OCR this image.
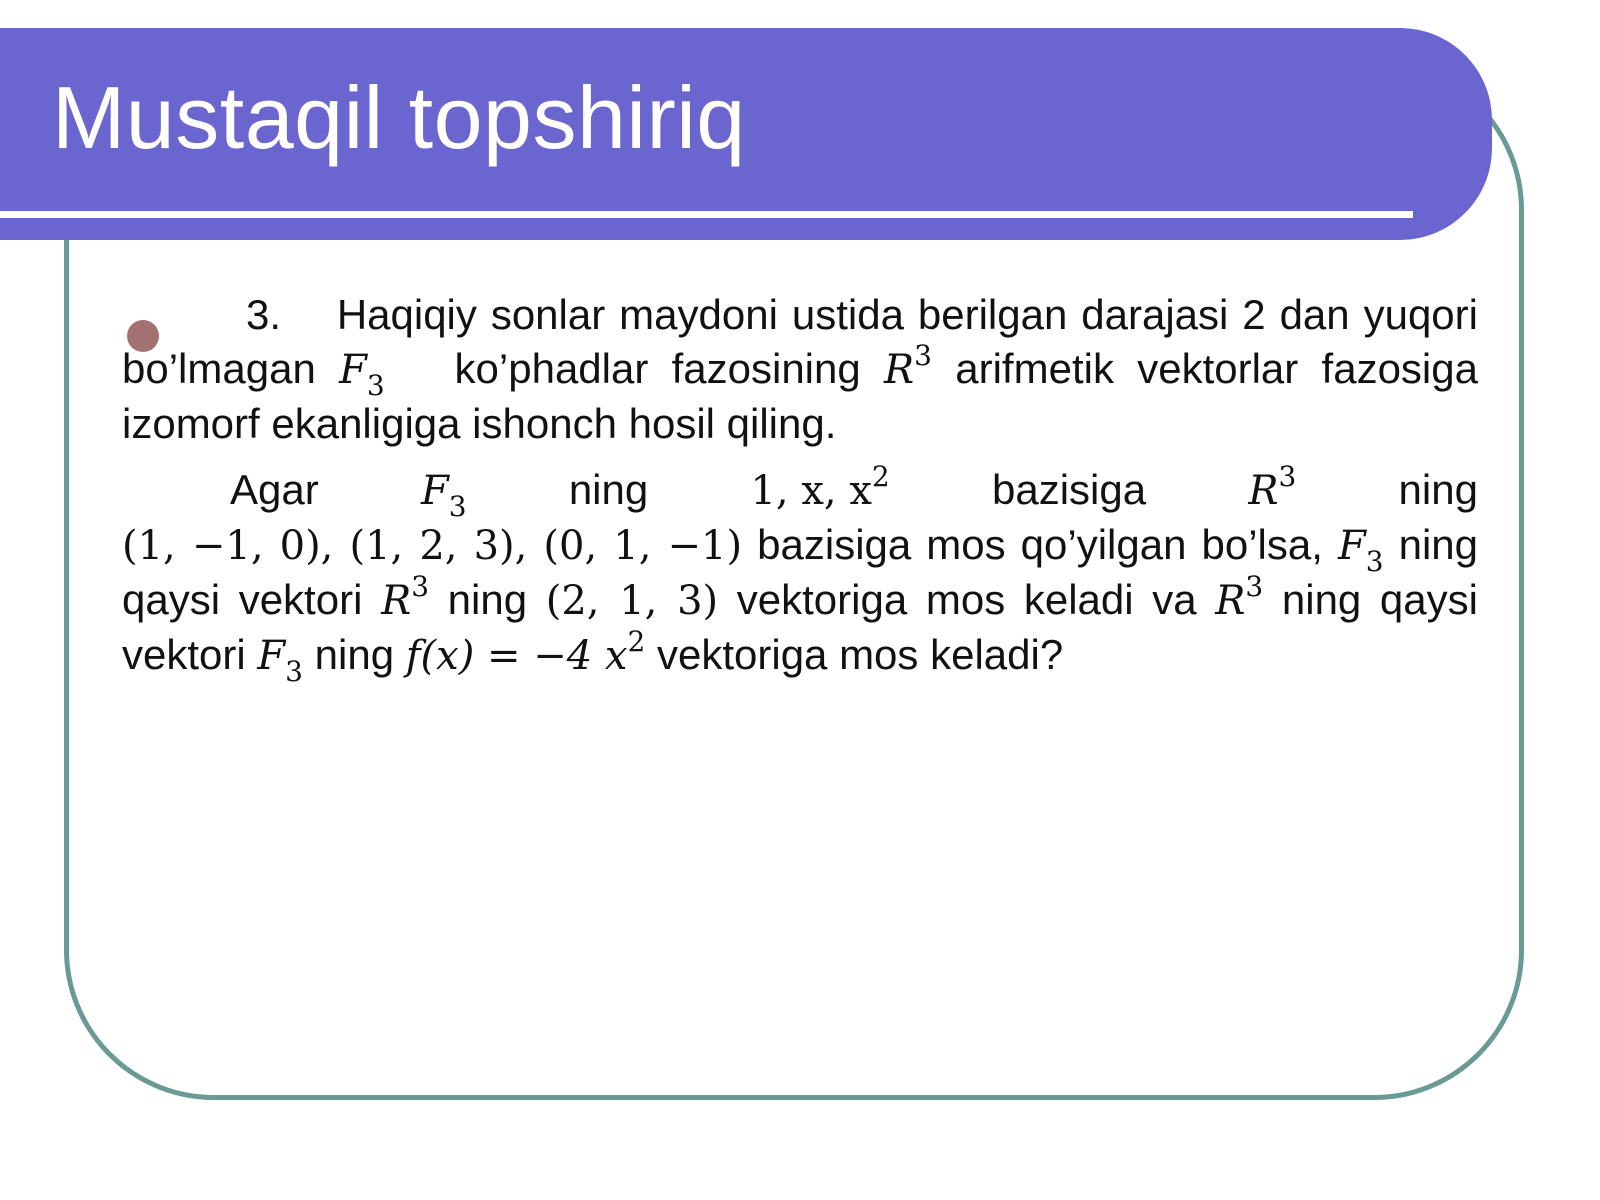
Mustaqil topshiriq

3. Haqiqiy sonlar maydoni ustida berilgan darajasi 2 dan yuqori bo’lmagan $F_3$ ko’phadlar fazosining $R^3$ arifmetik vektorlar fazosiga izomorf ekanligiga ishonch hosil qiling.

Agar	$F_3$ ning	1, x, $x^2$ bazisiga	$R^3$ ning

(1, −1, 0), (1, 2, 3), (0, 1, −1) bazisiga mos qo’yilgan bo’lsa, $F_3$ ning qaysi vektori $R^3$ ning (2, 1, 3) vektoriga mos keladi va $R^3$ ning qaysi vektori $F_3$ ning f(x) = −4 $x^2$ vektoriga mos keladi?
